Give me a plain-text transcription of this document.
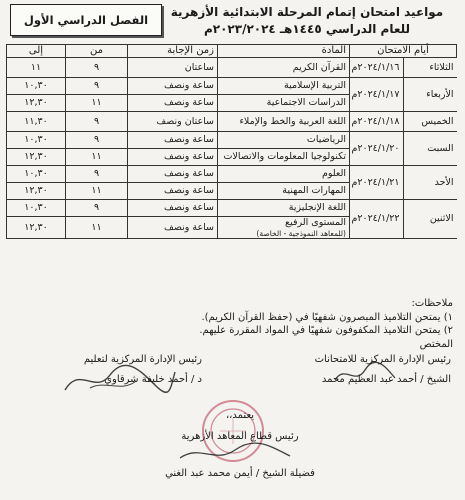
مواعيد امتحان إتمام المرحلة الابتدائية الأزهرية
للعام الدراسي ١٤٤٥هـ ٢٠٢٣/٢٠٢٤م
الفصل الدراسي الأول
أيام الامتحان		المادة	زمن الإجابة	من	إلى
الثلاثاء	٢٠٢٤/١/١٦م	القرآن الكريم	ساعتان	٩	١١
الأربعاء	٢٠٢٤/١/١٧م	التربية الإسلامية	ساعة ونصف	٩	١٠,٣٠

		الدراسات الاجتماعية	ساعة ونصف	١١	١٢,٣٠
الخميس	٢٠٢٤/١/١٨م	اللغة العربية والخط والإملاء	ساعتان ونصف	٩	١١,٣٠
السبت	٢٠٢٤/١/٢٠م	الرياضيات	ساعة ونصف	٩	١٠,٣٠

		تكنولوجيا المعلومات والاتصالات	ساعة ونصف	١١	١٢,٣٠
الأحد	٢٠٢٤/١/٢١م	العلوم	ساعة ونصف	٩	١٠,٣٠

		المهارات المهنية	ساعة ونصف	١١	١٢,٣٠
الاثنين	٢٠٢٤/١/٢٢م	اللغة الإنجليزية	ساعة ونصف	٩	١٠,٣٠

		المستوى الرفيع
(للمعاهد النموذجية - الخاصة)	ساعة ونصف	١١	١٢,٣٠
ملاحظات:
١) يمتحن التلاميذ المبصرون شفهيًا في (حفظ القرآن الكريم).
٢) يمتحن التلاميذ المكفوفون شفهيًا في المواد المقررة عليهم.
المختص
رئيس الإدارة المركزية للامتحانات
الشيخ / أحمد عبد العظيم محمد
رئيس الإدارة المركزية لتعليم
د / أحمد خليفة شرقاوي
يعتمد،،
رئيس قطاع المعاهد الأزهرية
فضيلة الشيخ / أيمن محمد عبد الغني
